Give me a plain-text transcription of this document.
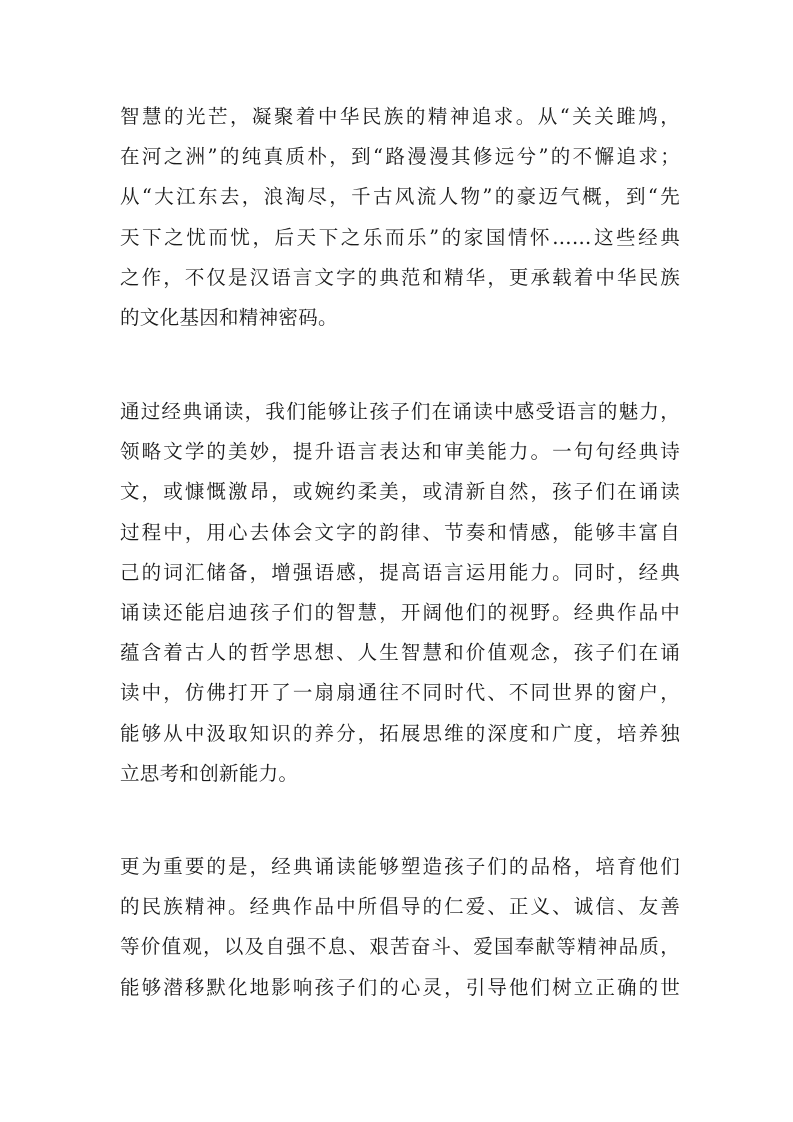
智慧的光芒，凝聚着中华民族的精神追求。从“关关雎鸠，
在河之洲”的纯真质朴，到“路漫漫其修远兮”的不懈追求；
从“大江东去，浪淘尽，千古风流人物”的豪迈气概，到“先
天下之忧而忧，后天下之乐而乐”的家国情怀……这些经典
之作，不仅是汉语言文字的典范和精华，更承载着中华民族
的文化基因和精神密码。
通过经典诵读，我们能够让孩子们在诵读中感受语言的魅力，
领略文学的美妙，提升语言表达和审美能力。一句句经典诗
文，或慷慨激昂，或婉约柔美，或清新自然，孩子们在诵读
过程中，用心去体会文字的韵律、节奏和情感，能够丰富自
己的词汇储备，增强语感，提高语言运用能力。同时，经典
诵读还能启迪孩子们的智慧，开阔他们的视野。经典作品中
蕴含着古人的哲学思想、人生智慧和价值观念，孩子们在诵
读中，仿佛打开了一扇扇通往不同时代、不同世界的窗户，
能够从中汲取知识的养分，拓展思维的深度和广度，培养独
立思考和创新能力。
更为重要的是，经典诵读能够塑造孩子们的品格，培育他们
的民族精神。经典作品中所倡导的仁爱、正义、诚信、友善
等价值观，以及自强不息、艰苦奋斗、爱国奉献等精神品质，
能够潜移默化地影响孩子们的心灵，引导他们树立正确的世
